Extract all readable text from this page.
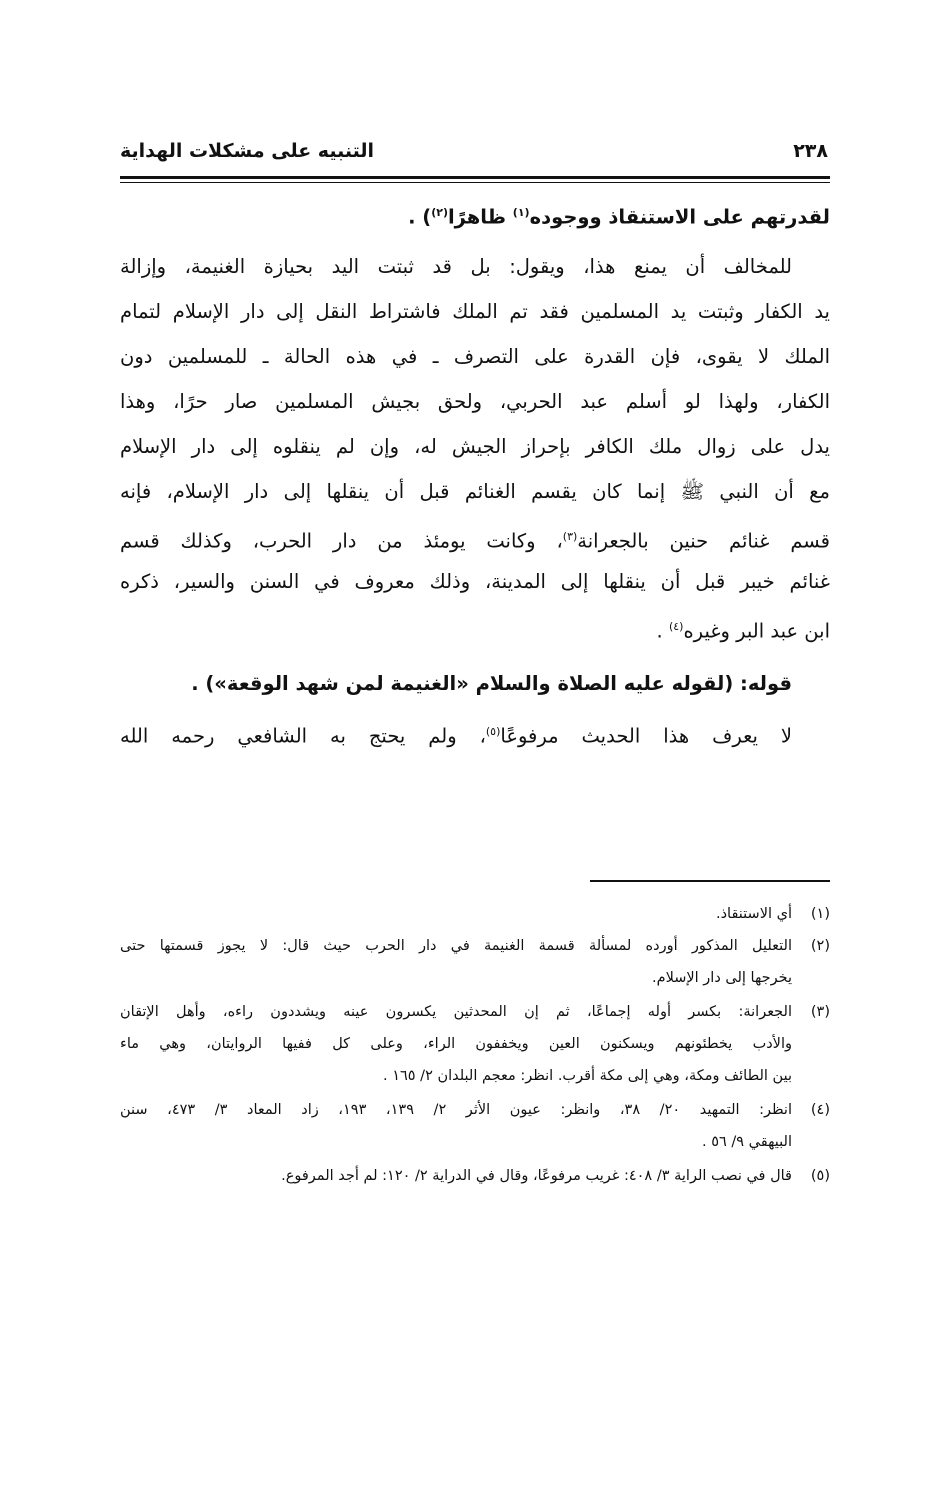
٢٣٨
التنبيه على مشكلات الهداية
لقدرتهم على الاستنقاذ ووجوده$^{(١)}$ ظاهرًا$^{(٢)}$) .
للمخالف أن يمنع هذا، ويقول: بل قد ثبتت اليد بحيازة الغنيمة، وإزالة
يد الكفار وثبتت يد المسلمين فقد تم الملك فاشتراط النقل إلى دار الإسلام لتمام
الملك لا يقوى، فإن القدرة على التصرف ـ في هذه الحالة ـ للمسلمين دون
الكفار، ولهذا لو أسلم عبد الحربي، ولحق بجيش المسلمين صار حرًا، وهذا
يدل على زوال ملك الكافر بإحراز الجيش له، وإن لم ينقلوه إلى دار الإسلام
مع أن النبي ﷺ إنما كان يقسم الغنائم قبل أن ينقلها إلى دار الإسلام، فإنه
قسم غنائم حنين بالجعرانة$^{(٣)}$، وكانت يومئذ من دار الحرب، وكذلك قسم
غنائم خيبر قبل أن ينقلها إلى المدينة، وذلك معروف في السنن والسير، ذكره
ابن عبد البر وغيره$^{(٤)}$ .
قوله: (لقوله عليه الصلاة والسلام «الغنيمة لمن شهد الوقعة») .
لا يعرف هذا الحديث مرفوعًا$^{(٥)}$، ولم يحتج به الشافعي رحمه الله
(١)أي الاستنقاذ.
(٢)التعليل المذكور أورده لمسألة قسمة الغنيمة في دار الحرب حيث قال: لا يجوز قسمتها حتى
يخرجها إلى دار الإسلام.
(٣)الجعرانة: بكسر أوله إجماعًا، ثم إن المحدثين يكسرون عينه ويشددون راءه، وأهل الإتقان
والأدب يخطئونهم ويسكنون العين ويخففون الراء، وعلى كل ففيها الروايتان، وهي ماء
بين الطائف ومكة، وهي إلى مكة أقرب. انظر: معجم البلدان ٢/ ١٦٥ .
(٤)انظر: التمهيد ٢٠/ ٣٨، وانظر: عيون الأثر ٢/ ١٣٩، ١٩٣، زاد المعاد ٣/ ٤٧٣، سنن
البيهقي ٩/ ٥٦ .
(٥)قال في نصب الراية ٣/ ٤٠٨: غريب مرفوعًا، وقال في الدراية ٢/ ١٢٠: لم أجد المرفوع.
